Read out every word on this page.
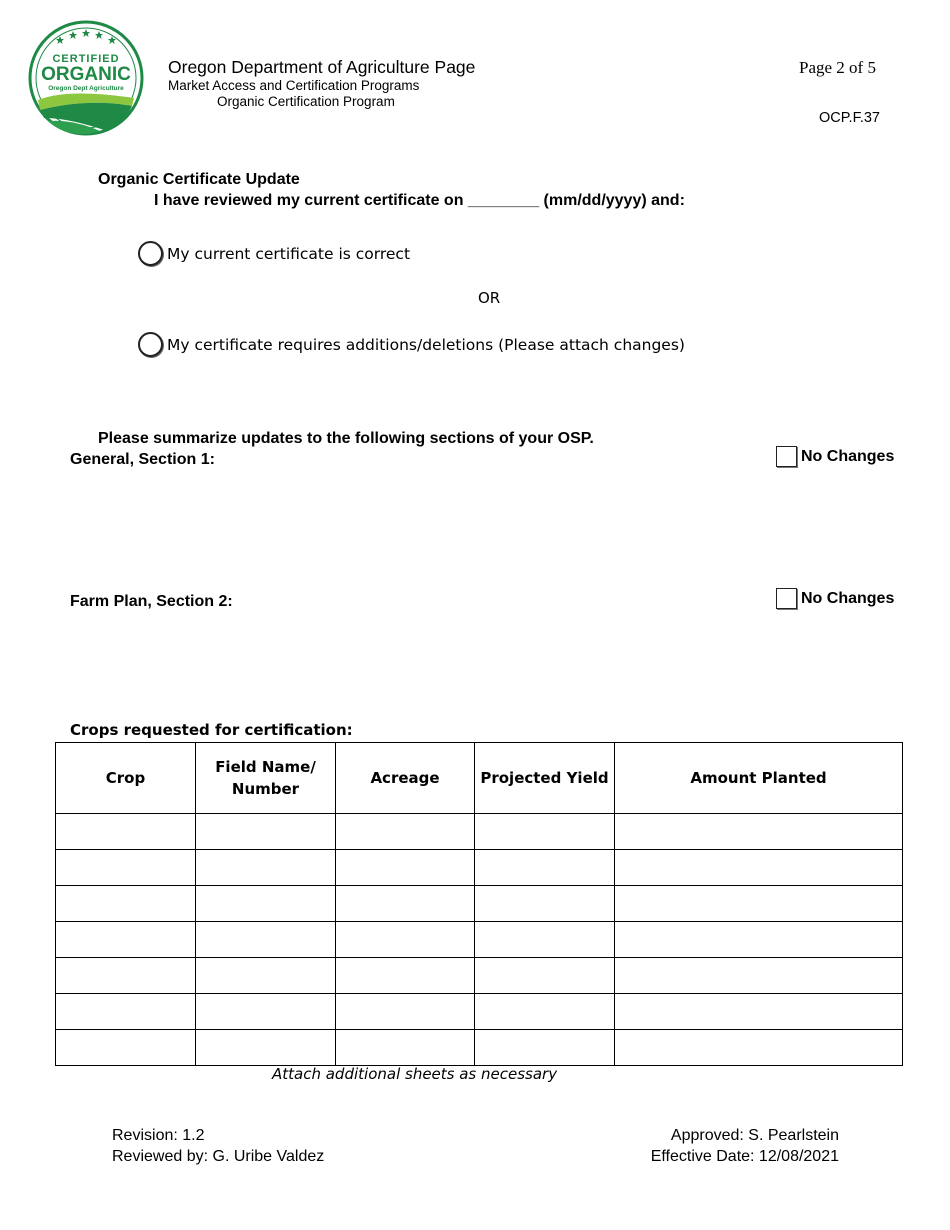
CERTIFIED
ORGANIC
Oregon Dept Agriculture
Oregon Department of Agriculture Page
Market Access and Certification Programs
Organic Certification Program
Page 2 of 5
OCP.F.37
Organic Certificate Update
I have reviewed my current certificate on ________ (mm/dd/yyyy) and:
My current certificate is correct
OR
My certificate requires additions/deletions (Please attach changes)
Please summarize updates to the following sections of your OSP.
General, Section 1:	No Changes
Farm Plan, Section 2:	No Changes
Crops requested for certification:
Crop	Field Name/ Number	Acreage	Projected Yield	Amount Planted

Attach additional sheets as necessary
Revision: 1.2
Reviewed by: G. Uribe Valdez
Approved: S. Pearlstein
Effective Date: 12/08/2021
